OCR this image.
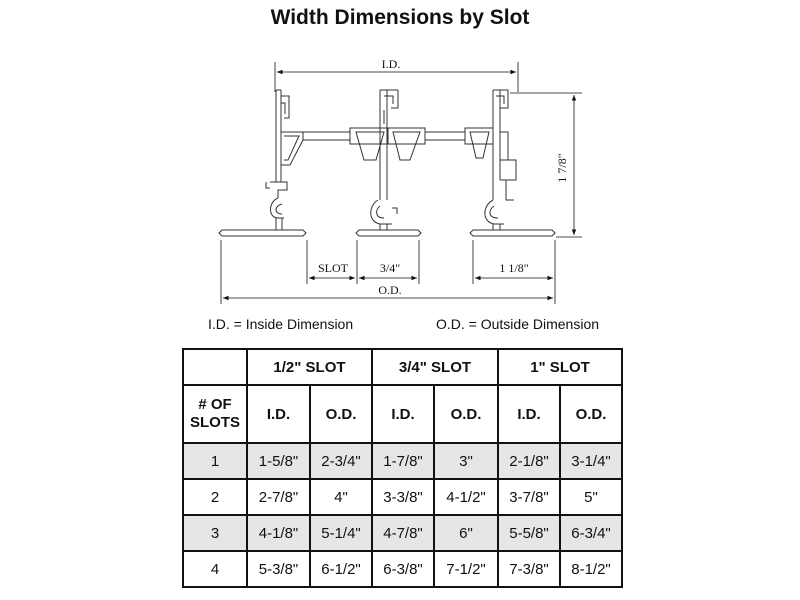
Width Dimensions by Slot
I.D.
1 7/8"
SLOT	3/4"	1 1/8"
O.D.
I.D. = Inside Dimension	O.D. = Outside Dimension
	1/2" SLOT		3/4" SLOT		1" SLOT	
# OF SLOTS	I.D.	O.D.	I.D.	O.D.	I.D.	O.D.
1	1-5/8"	2-3/4"	1-7/8"	3"	2-1/8"	3-1/4"
2	2-7/8"	4"	3-3/8"	4-1/2"	3-7/8"	5"
3	4-1/8"	5-1/4"	4-7/8"	6"	5-5/8"	6-3/4"
4	5-3/8"	6-1/2"	6-3/8"	7-1/2"	7-3/8"	8-1/2"
